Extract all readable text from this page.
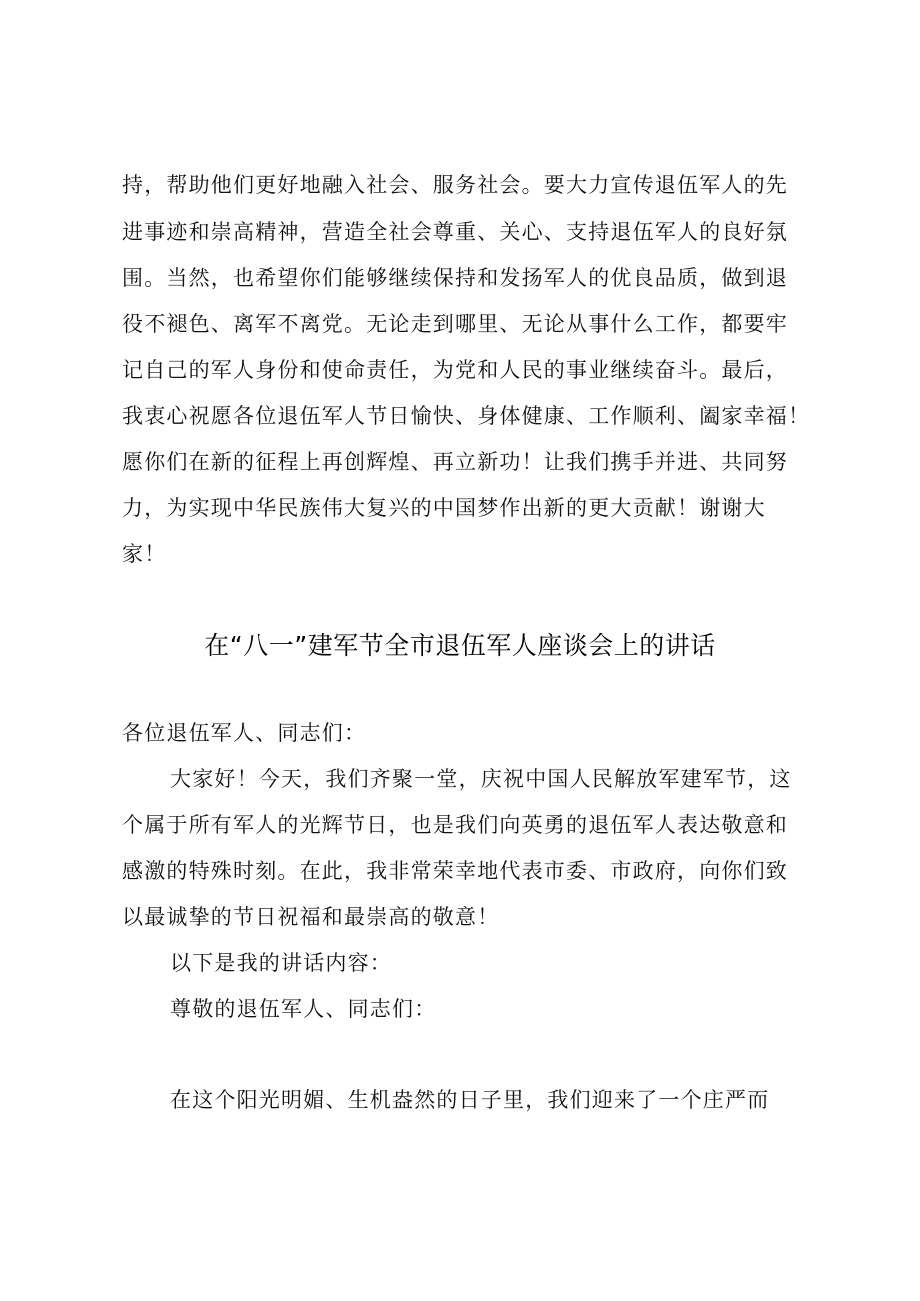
持，帮助他们更好地融入社会、服务社会。要大力宣传退伍军人的先
进事迹和崇高精神，营造全社会尊重、关心、支持退伍军人的良好氛
围。当然，也希望你们能够继续保持和发扬军人的优良品质，做到退
役不褪色、离军不离党。无论走到哪里、无论从事什么工作，都要牢
记自己的军人身份和使命责任，为党和人民的事业继续奋斗。最后，
我衷心祝愿各位退伍军人节日愉快、身体健康、工作顺利、阖家幸福！
愿你们在新的征程上再创辉煌、再立新功！让我们携手并进、共同努
力，为实现中华民族伟大复兴的中国梦作出新的更大贡献！谢谢大
家！
在“八一”建军节全市退伍军人座谈会上的讲话
各位退伍军人、同志们：
大家好！今天，我们齐聚一堂，庆祝中国人民解放军建军节，这
个属于所有军人的光辉节日，也是我们向英勇的退伍军人表达敬意和
感激的特殊时刻。在此，我非常荣幸地代表市委、市政府，向你们致
以最诚挚的节日祝福和最崇高的敬意！
以下是我的讲话内容：
尊敬的退伍军人、同志们：
在这个阳光明媚、生机盎然的日子里，我们迎来了一个庄严而
